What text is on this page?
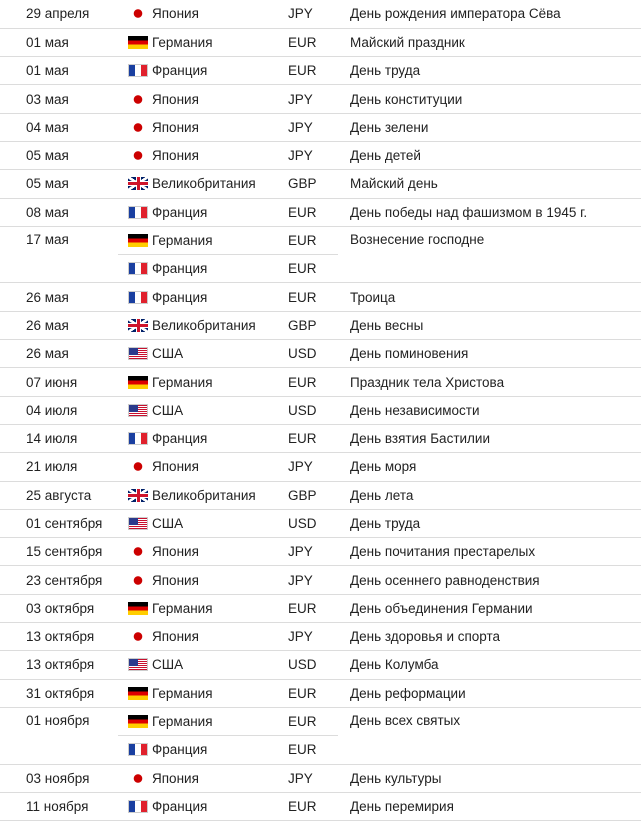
29 апреля	Япония	JPY	День рождения императора Сёва
01 мая	Германия	EUR	Майский праздник
01 мая	Франция	EUR	День труда
03 мая	Япония	JPY	День конституции
04 мая	Япония	JPY	День зелени
05 мая	Япония	JPY	День детей
05 мая	Великобритания	GBP	Майский день
08 мая	Франция	EUR	День победы над фашизмом в 1945 г.
17 мая	Германия	EUR	Вознесение господне
	Франция	EUR	
26 мая	Франция	EUR	Троица
26 мая	Великобритания	GBP	День весны
26 мая	США	USD	День поминовения
07 июня	Германия	EUR	Праздник тела Христова
04 июля	США	USD	День независимости
14 июля	Франция	EUR	День взятия Бастилии
21 июля	Япония	JPY	День моря
25 августа	Великобритания	GBP	День лета
01 сентября	США	USD	День труда
15 сентября	Япония	JPY	День почитания престарелых
23 сентября	Япония	JPY	День осеннего равноденствия
03 октября	Германия	EUR	День объединения Германии
13 октября	Япония	JPY	День здоровья и спорта
13 октября	США	USD	День Колумба
31 октября	Германия	EUR	День реформации
01 ноября	Германия	EUR	День всех святых
	Франция	EUR	
03 ноября	Япония	JPY	День культуры
11 ноября	Франция	EUR	День перемирия
